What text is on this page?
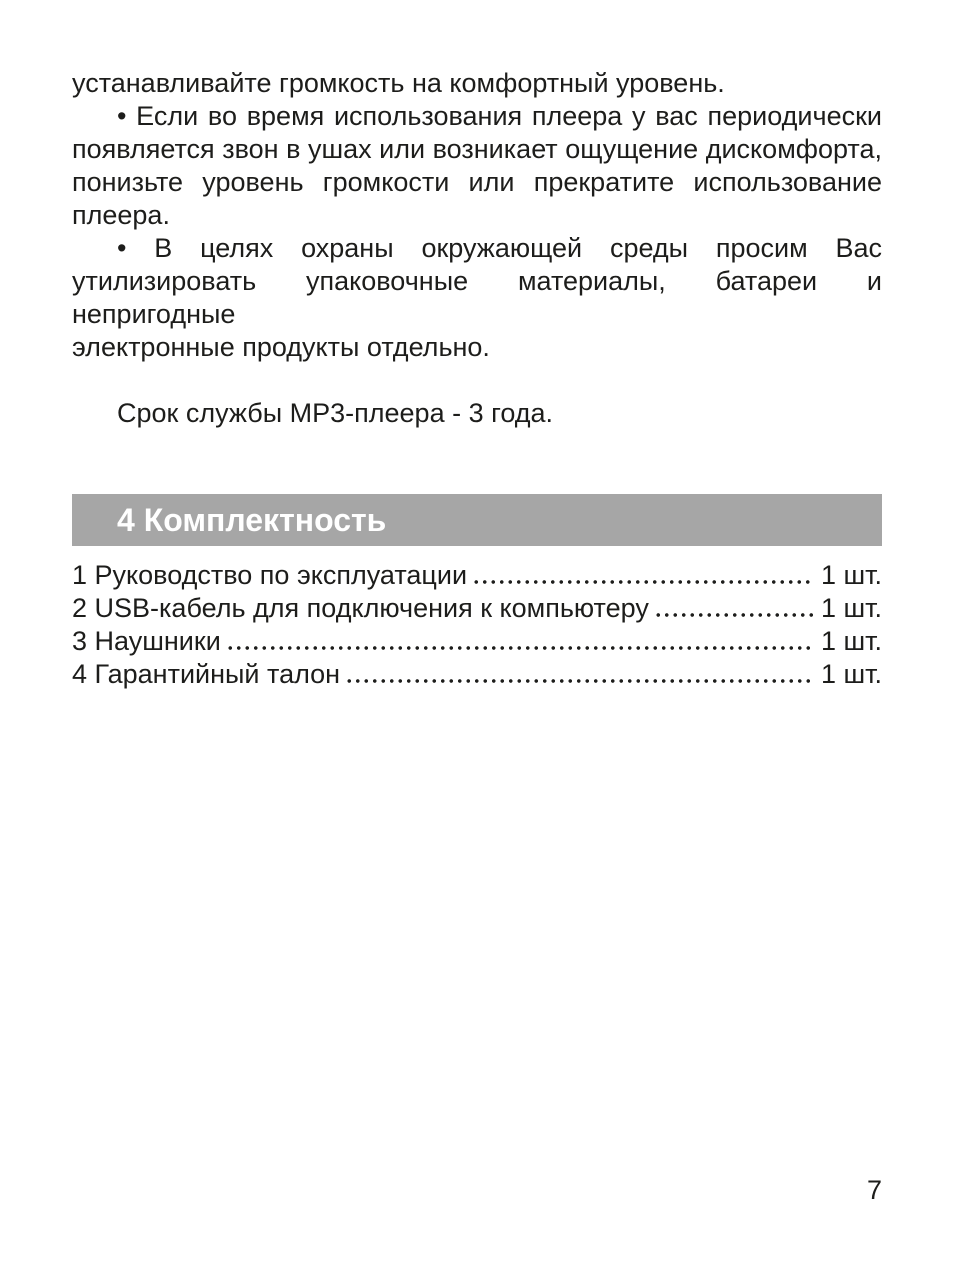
устанавливайте громкость на комфортный уровень.
• Если во время использования плеера у вас периодически
появляется звон в ушах или возникает ощущение дискомфорта,
понизьте уровень громкости или прекратите использование
плеера.
• В целях охраны окружающей среды просим Вас
утилизировать упаковочные материалы, батареи и непригодные
электронные продукты отдельно.
Срок службы MP3-плеера - 3 года.
4 Комплектность
1 Руководство по эксплуатации	1 шт.
2 USB-кабель для подключения к компьютеру	1 шт.
3 Наушники	1 шт.
4 Гарантийный талон	1 шт.
7
